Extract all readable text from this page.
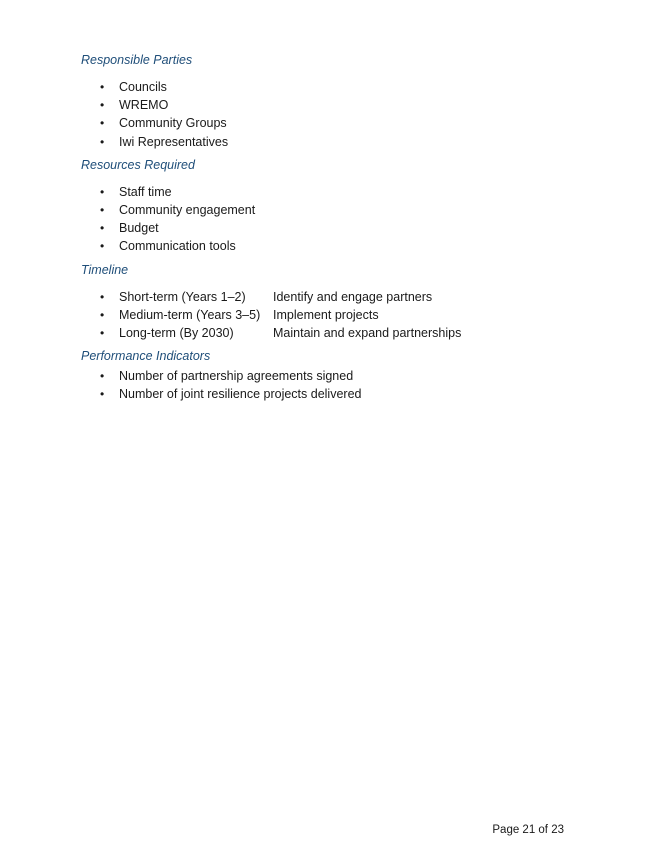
Responsible Parties

• Councils
• WREMO
• Community Groups
• Iwi Representatives

Resources Required

• Staff time
• Community engagement
• Budget
• Communication tools

Timeline

• Short-term (Years 1–2) Identify and engage partners
• Medium-term (Years 3–5) Implement projects
• Long-term (By 2030)	Maintain and expand partnerships

Performance Indicators

• Number of partnership agreements signed
• Number of joint resilience projects delivered
Page 21 of 23
